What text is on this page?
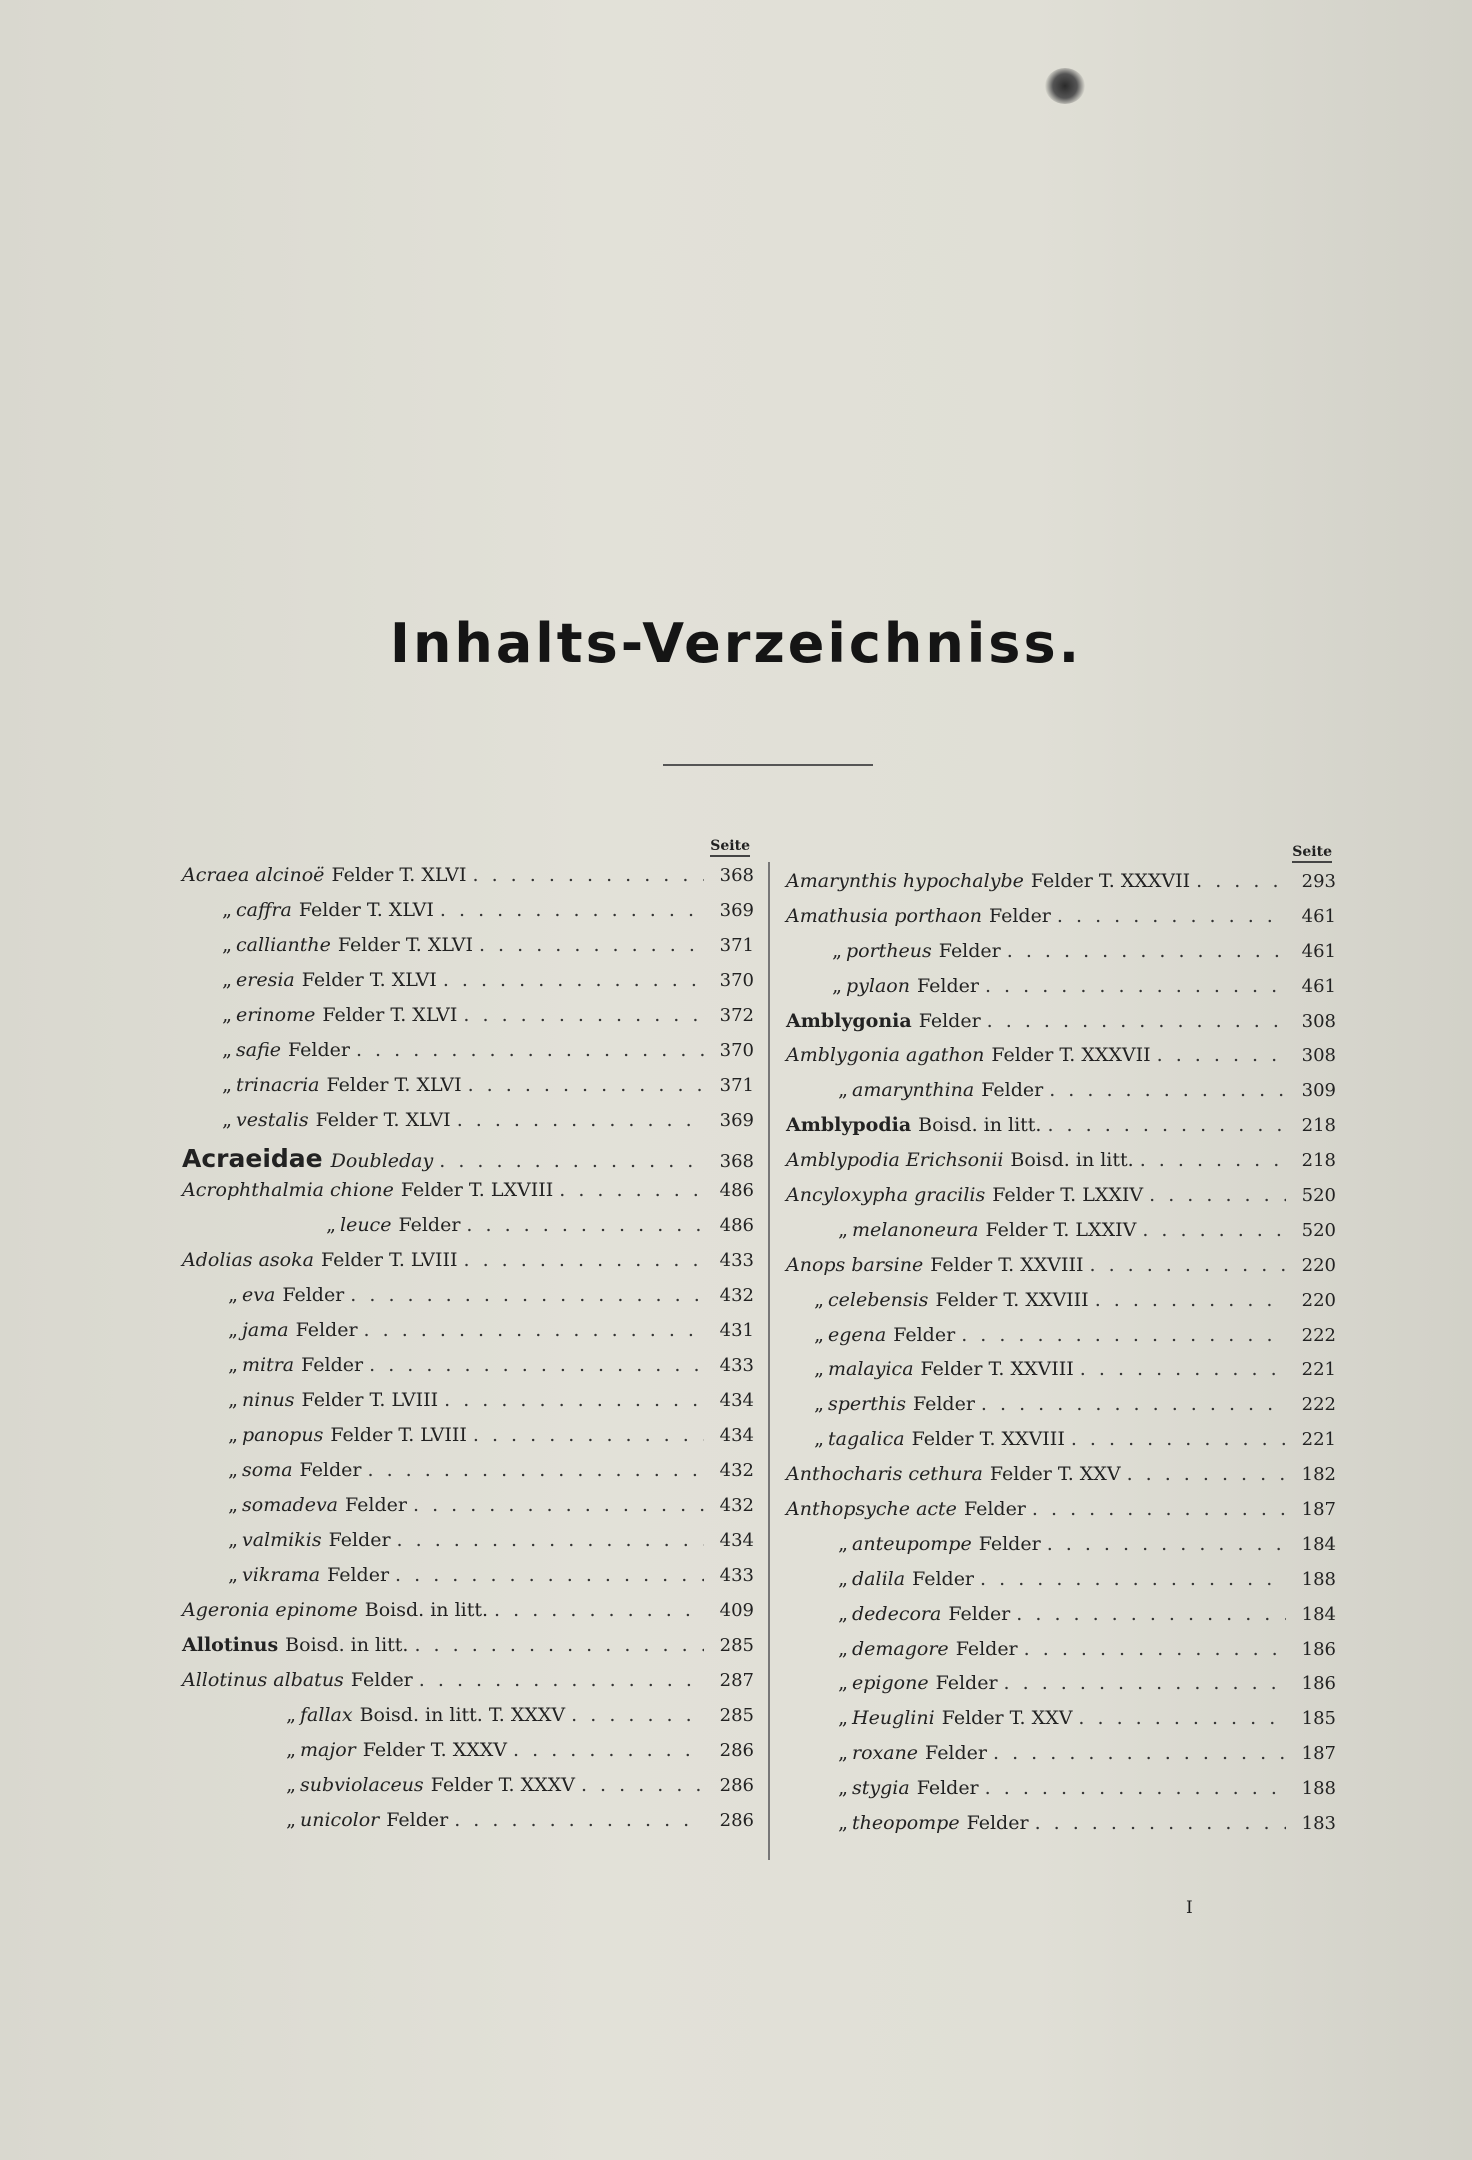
Inhalts-Verzeichniss.
Seite
Acraea alcinoë Felder T. XLVI . . .	368
„ caffra Felder T. XLVI . . .	369
„ callianthe Felder T. XLVI . . .	371
„ eresia Felder T. XLVI . . .	370
„ erinome Felder T. XLVI . . .	372
„ safie Felder . . .	370
„ trinacria Felder T. XLVI . . .	371
„ vestalis Felder T. XLVI . . .	369
Acraeidae Doubleday . . .	368
Acrophthalmia chione Felder T. LXVIII . . .	486
„ leuce Felder . . .	486
Adolias asoka Felder T. LVIII . . .	433
„ eva Felder . . .	432
„ jama Felder . . .	431
„ mitra Felder . . .	433
„ ninus Felder T. LVIII . . .	434
„ panopus Felder T. LVIII . . .	434
„ soma Felder . . .	432
„ somadeva Felder . . .	432
„ valmikis Felder . . .	434
„ vikrama Felder . . .	433
Ageronia epinome Boisd. in litt. . . .	409
Allotinus Boisd. in litt. . . .	285
Allotinus albatus Felder . . .	287
„ fallax Boisd. in litt. T. XXXV . . .	285
„ major Felder T. XXXV . . .	286
„ subviolaceus Felder T. XXXV . . .	286
„ unicolor Felder . . .	286
Seite
Amarynthis hypochalybe Felder T. XXXVII . . .	293
Amathusia porthaon Felder . . .	461
„ portheus Felder . . .	461
„ pylaon Felder . . .	461
Amblygonia Felder . . .	308
Amblygonia agathon Felder T. XXXVII . . .	308
„ amarynthina Felder . . .	309
Amblypodia Boisd. in litt. . . .	218
Amblypodia Erichsonii Boisd. in litt. . . .	218
Ancyloxypha gracilis Felder T. LXXIV . . .	520
„ melanoneura Felder T. LXXIV . . .	520
Anops barsine Felder T. XXVIII . . .	220
„ celebensis Felder T. XXVIII . . .	220
„ egena Felder . . .	222
„ malayica Felder T. XXVIII . . .	221
„ sperthis Felder . . .	222
„ tagalica Felder T. XXVIII . . .	221
Anthocharis cethura Felder T. XXV . . .	182
Anthopsyche acte Felder . . .	187
„ anteupompe Felder . . .	184
„ dalila Felder . . .	188
„ dedecora Felder . . .	184
„ demagore Felder . . .	186
„ epigone Felder . . .	186
„ Heuglini Felder T. XXV . . .	185
„ roxane Felder . . .	187
„ stygia Felder . . .	188
„ theopompe Felder . . .	183
I
